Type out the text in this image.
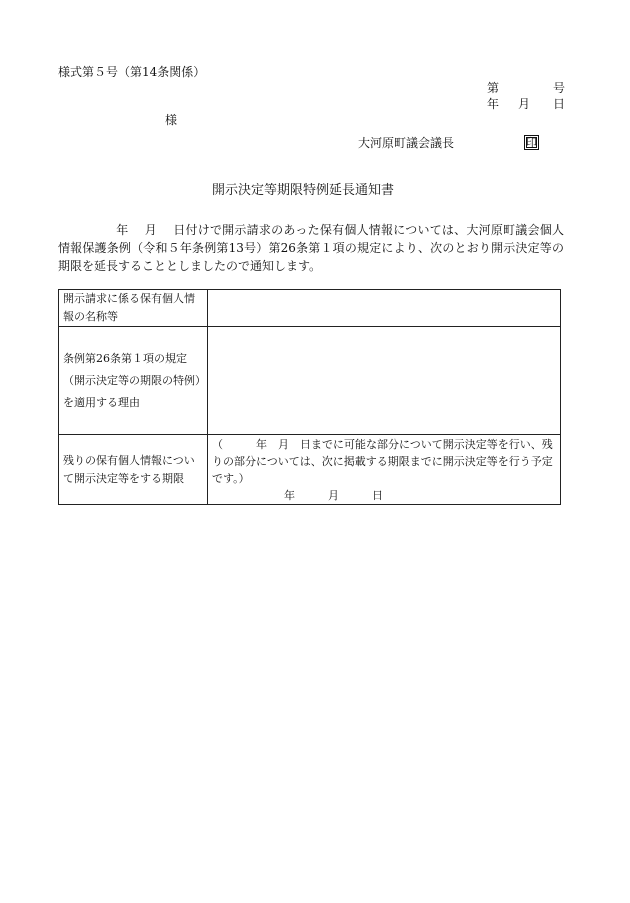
様式第５号（第14条関係）
第	号
年 月 日
様
大河原町議会議長	印
開示決定等期限特例延長通知書
年　 月　 日付けで開示請求のあった保有個人情報については、大河原町議会個人情報保護条例（令和５年条例第13号）第26条第１項の規定により、次のとおり開示決定等の期限を延長することとしましたので通知します。
開示請求に係る保有個人情報の名称等	
条例第26条第１項の規定（開示決定等の期限の特例）を適用する理由	
残りの保有個人情報について開示決定等をする期限	（　　　年　月　日までに可能な部分について開示決定等を行い、残りの部分については、次に掲載する期限までに開示決定等を行う予定です。）
年　　　月　　　日
